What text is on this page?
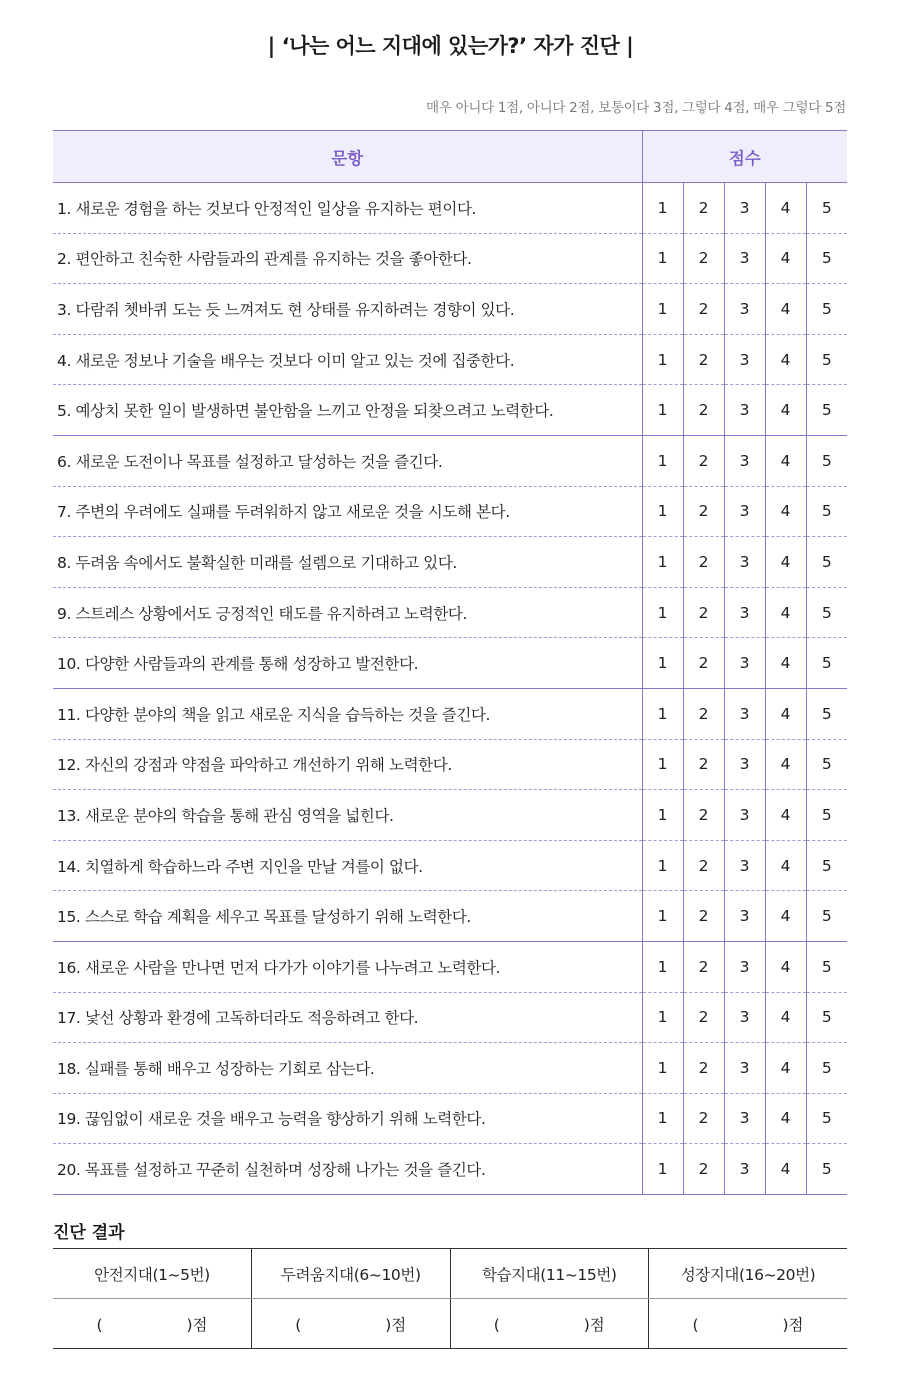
| ‘나는 어느 지대에 있는가?’ 자가 진단 |
매우 아니다 1점, 아니다 2점, 보통이다 3점, 그렇다 4점, 매우 그렇다 5점
문항	점수				
1. 새로운 경험을 하는 것보다 안정적인 일상을 유지하는 편이다.	1	2	3	4	5
2. 편안하고 친숙한 사람들과의 관계를 유지하는 것을 좋아한다.	1	2	3	4	5
3. 다람쥐 쳇바퀴 도는 듯 느껴져도 현 상태를 유지하려는 경향이 있다.	1	2	3	4	5
4. 새로운 정보나 기술을 배우는 것보다 이미 알고 있는 것에 집중한다.	1	2	3	4	5
5. 예상치 못한 일이 발생하면 불안함을 느끼고 안정을 되찾으려고 노력한다.	1	2	3	4	5
6. 새로운 도전이나 목표를 설정하고 달성하는 것을 즐긴다.	1	2	3	4	5
7. 주변의 우려에도 실패를 두려워하지 않고 새로운 것을 시도해 본다.	1	2	3	4	5
8. 두려움 속에서도 불확실한 미래를 설렘으로 기대하고 있다.	1	2	3	4	5
9. 스트레스 상황에서도 긍정적인 태도를 유지하려고 노력한다.	1	2	3	4	5
10. 다양한 사람들과의 관계를 통해 성장하고 발전한다.	1	2	3	4	5
11. 다양한 분야의 책을 읽고 새로운 지식을 습득하는 것을 즐긴다.	1	2	3	4	5
12. 자신의 강점과 약점을 파악하고 개선하기 위해 노력한다.	1	2	3	4	5
13. 새로운 분야의 학습을 통해 관심 영역을 넓힌다.	1	2	3	4	5
14. 치열하게 학습하느라 주변 지인을 만날 겨를이 없다.	1	2	3	4	5
15. 스스로 학습 계획을 세우고 목표를 달성하기 위해 노력한다.	1	2	3	4	5
16. 새로운 사람을 만나면 먼저 다가가 이야기를 나누려고 노력한다.	1	2	3	4	5
17. 낯선 상황과 환경에 고독하더라도 적응하려고 한다.	1	2	3	4	5
18. 실패를 통해 배우고 성장하는 기회로 삼는다.	1	2	3	4	5
19. 끊임없이 새로운 것을 배우고 능력을 향상하기 위해 노력한다.	1	2	3	4	5
20. 목표를 설정하고 꾸준히 실천하며 성장해 나가는 것을 즐긴다.	1	2	3	4	5
진단 결과
안전지대(1~5번)	두려움지대(6~10번)	학습지대(11~15번)	성장지대(16~20번)
( )점	( )점	( )점	( )점
